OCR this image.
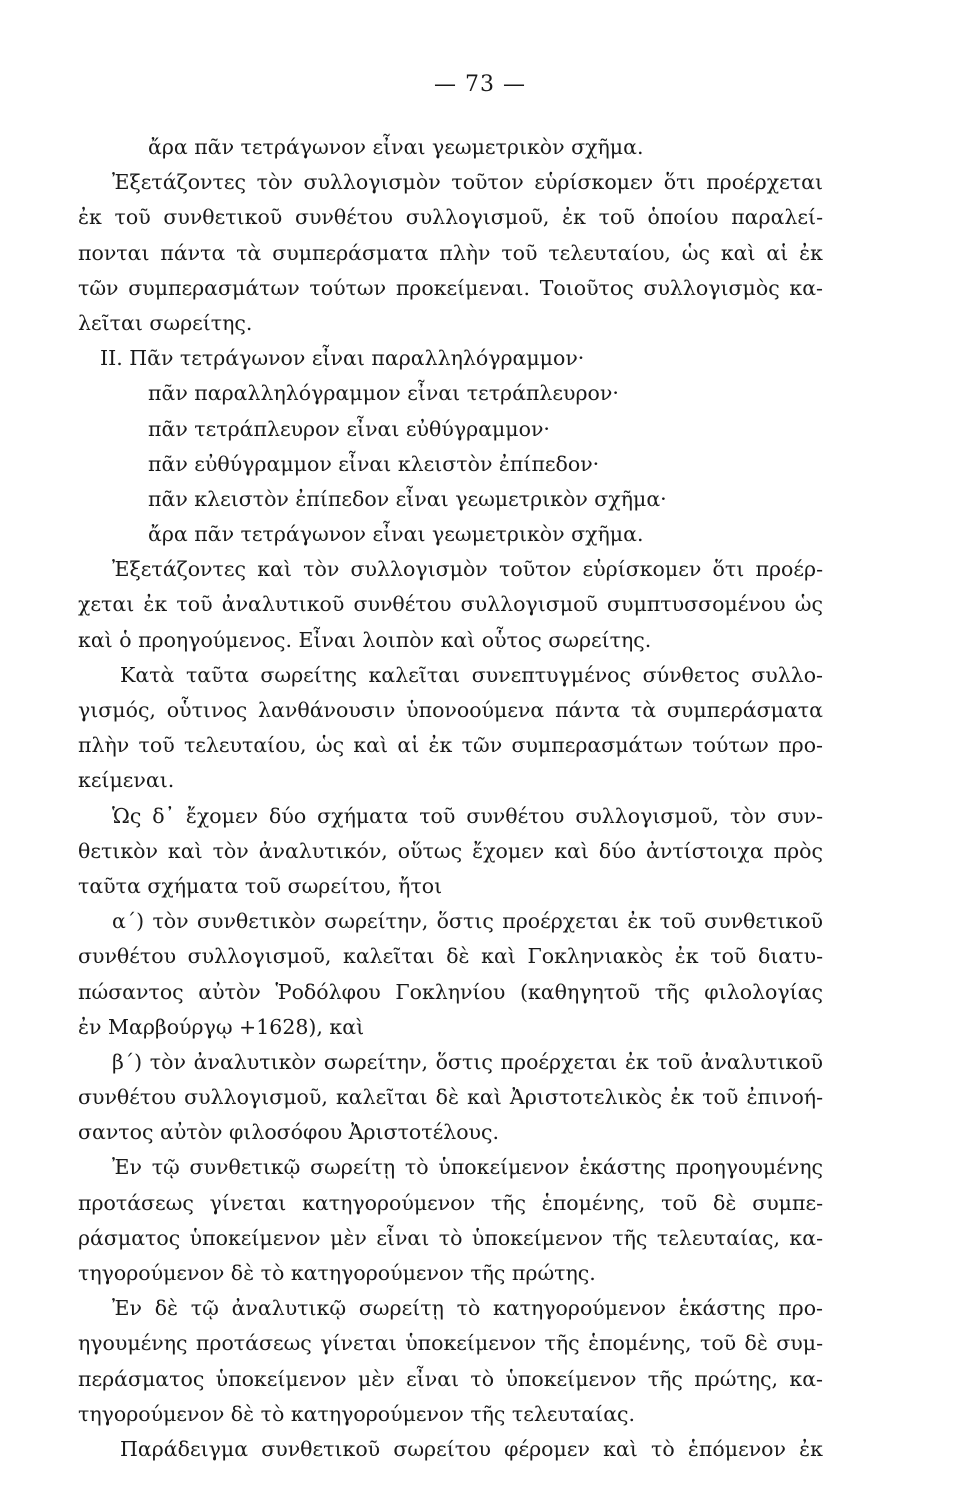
— 73 —
ἄρα πᾶν τετράγωνον εἶναι γεωμετρικὸν σχῆμα.
Ἐξετάζοντες τὸν συλλογισμὸν τοῦτον εὑρίσκομεν ὅτι προέρχεται
ἐκ τοῦ συνθετικοῦ συνθέτου συλλογισμοῦ, ἐκ τοῦ ὁποίου παραλεί-
πονται πάντα τὰ συμπεράσματα πλὴν τοῦ τελευταίου, ὡς καὶ αἱ ἐκ
τῶν συμπερασμάτων τούτων προκείμεναι. Τοιοῦτος συλλογισμὸς κα-
λεῖται σωρείτης.
II. Πᾶν τετράγωνον εἶναι παραλληλόγραμμον·
πᾶν παραλληλόγραμμον εἶναι τετράπλευρον·
πᾶν τετράπλευρον εἶναι εὐθύγραμμον·
πᾶν εὐθύγραμμον εἶναι κλειστὸν ἐπίπεδον·
πᾶν κλειστὸν ἐπίπεδον εἶναι γεωμετρικὸν σχῆμα·
ἄρα πᾶν τετράγωνον εἶναι γεωμετρικὸν σχῆμα.
Ἐξετάζοντες καὶ τὸν συλλογισμὸν τοῦτον εὑρίσκομεν ὅτι προέρ-
χεται ἐκ τοῦ ἀναλυτικοῦ συνθέτου συλλογισμοῦ συμπτυσσομένου ὡς
καὶ ὁ προηγούμενος. Εἶναι λοιπὸν καὶ οὗτος σωρείτης.
Κατὰ ταῦτα σωρείτης καλεῖται συνεπτυγμένος σύνθετος συλλο-
γισμός, οὗτινος λανθάνουσιν ὑπονοούμενα πάντα τὰ συμπεράσματα
πλὴν τοῦ τελευταίου, ὡς καὶ αἱ ἐκ τῶν συμπερασμάτων τούτων προ-
κείμεναι.
Ὡς δ᾽ ἔχομεν δύο σχήματα τοῦ συνθέτου συλλογισμοῦ, τὸν συν-
θετικὸν καὶ τὸν ἀναλυτικόν, οὕτως ἔχομεν καὶ δύο ἀντίστοιχα πρὸς
ταῦτα σχήματα τοῦ σωρείτου, ἤτοι
α´) τὸν συνθετικὸν σωρείτην, ὅστις προέρχεται ἐκ τοῦ συνθετικοῦ
συνθέτου συλλογισμοῦ, καλεῖται δὲ καὶ Γοκληνιακὸς ἐκ τοῦ διατυ-
πώσαντος αὐτὸν Ῥοδόλφου Γοκληνίου (καθηγητοῦ τῆς φιλολογίας
ἐν Μαρβούργῳ +1628), καὶ
β´) τὸν ἀναλυτικὸν σωρείτην, ὅστις προέρχεται ἐκ τοῦ ἀναλυτικοῦ
συνθέτου συλλογισμοῦ, καλεῖται δὲ καὶ Ἀριστοτελικὸς ἐκ τοῦ ἐπινοή-
σαντος αὐτὸν φιλοσόφου Ἀριστοτέλους.
Ἐν τῷ συνθετικῷ σωρείτῃ τὸ ὑποκείμενον ἑκάστης προηγουμένης
προτάσεως γίνεται κατηγορούμενον τῆς ἑπομένης, τοῦ δὲ συμπε-
ράσματος ὑποκείμενον μὲν εἶναι τὸ ὑποκείμενον τῆς τελευταίας, κα-
τηγορούμενον δὲ τὸ κατηγορούμενον τῆς πρώτης.
Ἐν δὲ τῷ ἀναλυτικῷ σωρείτῃ τὸ κατηγορούμενον ἑκάστης προ-
ηγουμένης προτάσεως γίνεται ὑποκείμενον τῆς ἑπομένης, τοῦ δὲ συμ-
περάσματος ὑποκείμενον μὲν εἶναι τὸ ὑποκείμενον τῆς πρώτης, κα-
τηγορούμενον δὲ τὸ κατηγορούμενον τῆς τελευταίας.
Παράδειγμα συνθετικοῦ σωρείτου φέρομεν καὶ τὸ ἑπόμενον ἐκ
